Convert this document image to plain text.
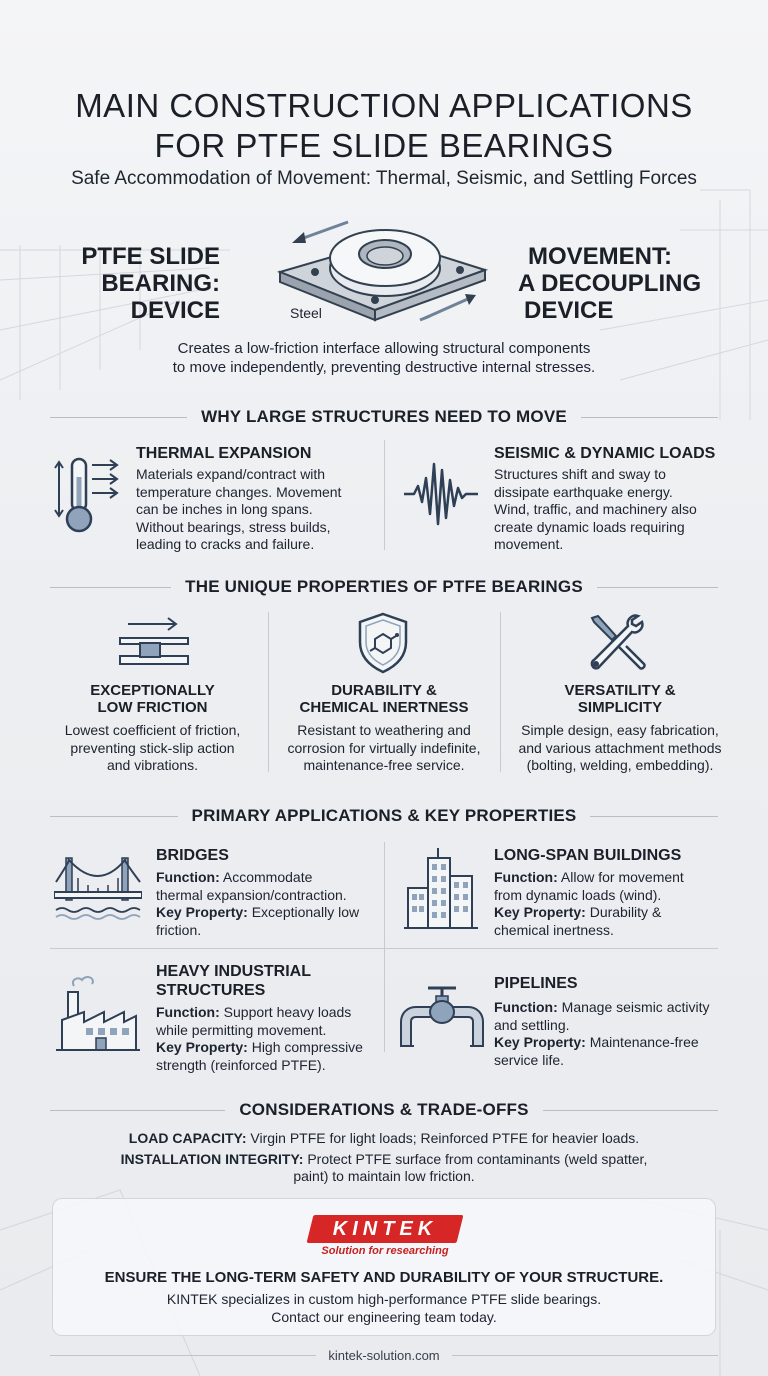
MAIN CONSTRUCTION APPLICATIONS
FOR PTFE SLIDE BEARINGS
Safe Accommodation of Movement: Thermal, Seismic, and Settling Forces
PTFE SLIDE
BEARING:
DEVICE	Steel
MOVEMENT:
A DECOUPLING
DEVICE
Creates a low-friction interface allowing structural components
to move independently, preventing destructive internal stresses.
WHY LARGE STRUCTURES NEED TO MOVE
THERMAL EXPANSION
Materials expand/contract with
temperature changes. Movement
can be inches in long spans.
Without bearings, stress builds,
leading to cracks and failure.
SEISMIC & DYNAMIC LOADS
Structures shift and sway to
dissipate earthquake energy.
Wind, traffic, and machinery also
create dynamic loads requiring
movement.
THE UNIQUE PROPERTIES OF PTFE BEARINGS
EXCEPTIONALLY
LOW FRICTION
Lowest coefficient of friction,
preventing stick-slip action
and vibrations.
DURABILITY &
CHEMICAL INERTNESS
Resistant to weathering and
corrosion for virtually indefinite,
maintenance-free service.
VERSATILITY &
SIMPLICITY
Simple design, easy fabrication,
and various attachment methods
(bolting, welding, embedding).
PRIMARY APPLICATIONS & KEY PROPERTIES
BRIDGES
Function: Accommodate
thermal expansion/contraction.
Key Property: Exceptionally low
friction.
LONG-SPAN BUILDINGS
Function: Allow for movement
from dynamic loads (wind).
Key Property: Durability &
chemical inertness.
HEAVY INDUSTRIAL
STRUCTURES
Function: Support heavy loads
while permitting movement.
Key Property: High compressive
strength (reinforced PTFE).
PIPELINES
Function: Manage seismic activity
and settling.
Key Property: Maintenance-free
service life.
CONSIDERATIONS & TRADE-OFFS
LOAD CAPACITY: Virgin PTFE for light loads; Reinforced PTFE for heavier loads.
INSTALLATION INTEGRITY: Protect PTFE surface from contaminants (weld spatter,
paint) to maintain low friction.
KINTEK
Solution for researching
ENSURE THE LONG-TERM SAFETY AND DURABILITY OF YOUR STRUCTURE.
KINTEK specializes in custom high-performance PTFE slide bearings.
Contact our engineering team today.
kintek-solution.com
